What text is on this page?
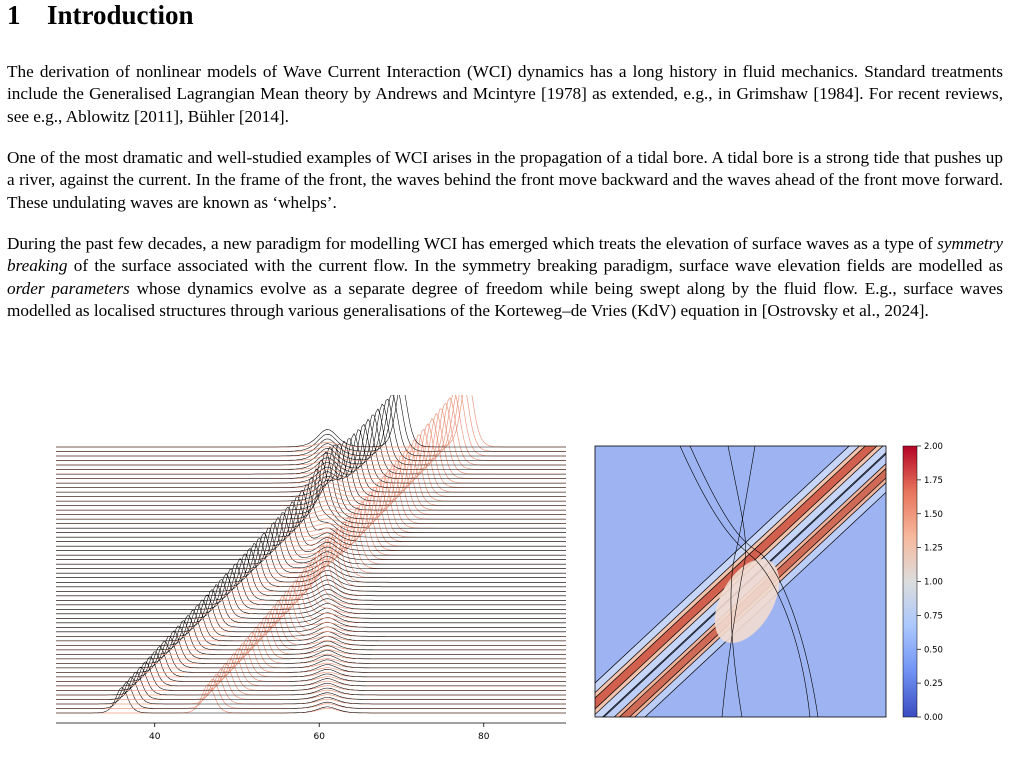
1 Introduction
The derivation of nonlinear models of Wave Current Interaction (WCI) dynamics has a long history in fluid mechanics. Standard treatments include the Generalised Lagrangian Mean theory by Andrews and Mcintyre [1978] as extended, e.g., in Grimshaw [1984]. For recent reviews, see e.g., Ablowitz [2011], Bühler [2014].
One of the most dramatic and well-studied examples of WCI arises in the propagation of a tidal bore. A tidal bore is a strong tide that pushes up a river, against the current. In the frame of the front, the waves behind the front move backward and the waves ahead of the front move forward. These undulating waves are known as ‘whelps’.
During the past few decades, a new paradigm for modelling WCI has emerged which treats the elevation of surface waves as a type of symmetry breaking of the surface associated with the current flow. In the symmetry breaking paradigm, surface wave elevation fields are modelled as order parameters whose dynamics evolve as a separate degree of freedom while being swept along by the fluid flow. E.g., surface waves modelled as localised structures through various generalisations of the Korteweg–de Vries (KdV) equation in [Ostrovsky et al., 2024].
40	60	80
0.00
0.25
0.50
0.75
1.00
1.25
1.50
1.75
2.00
